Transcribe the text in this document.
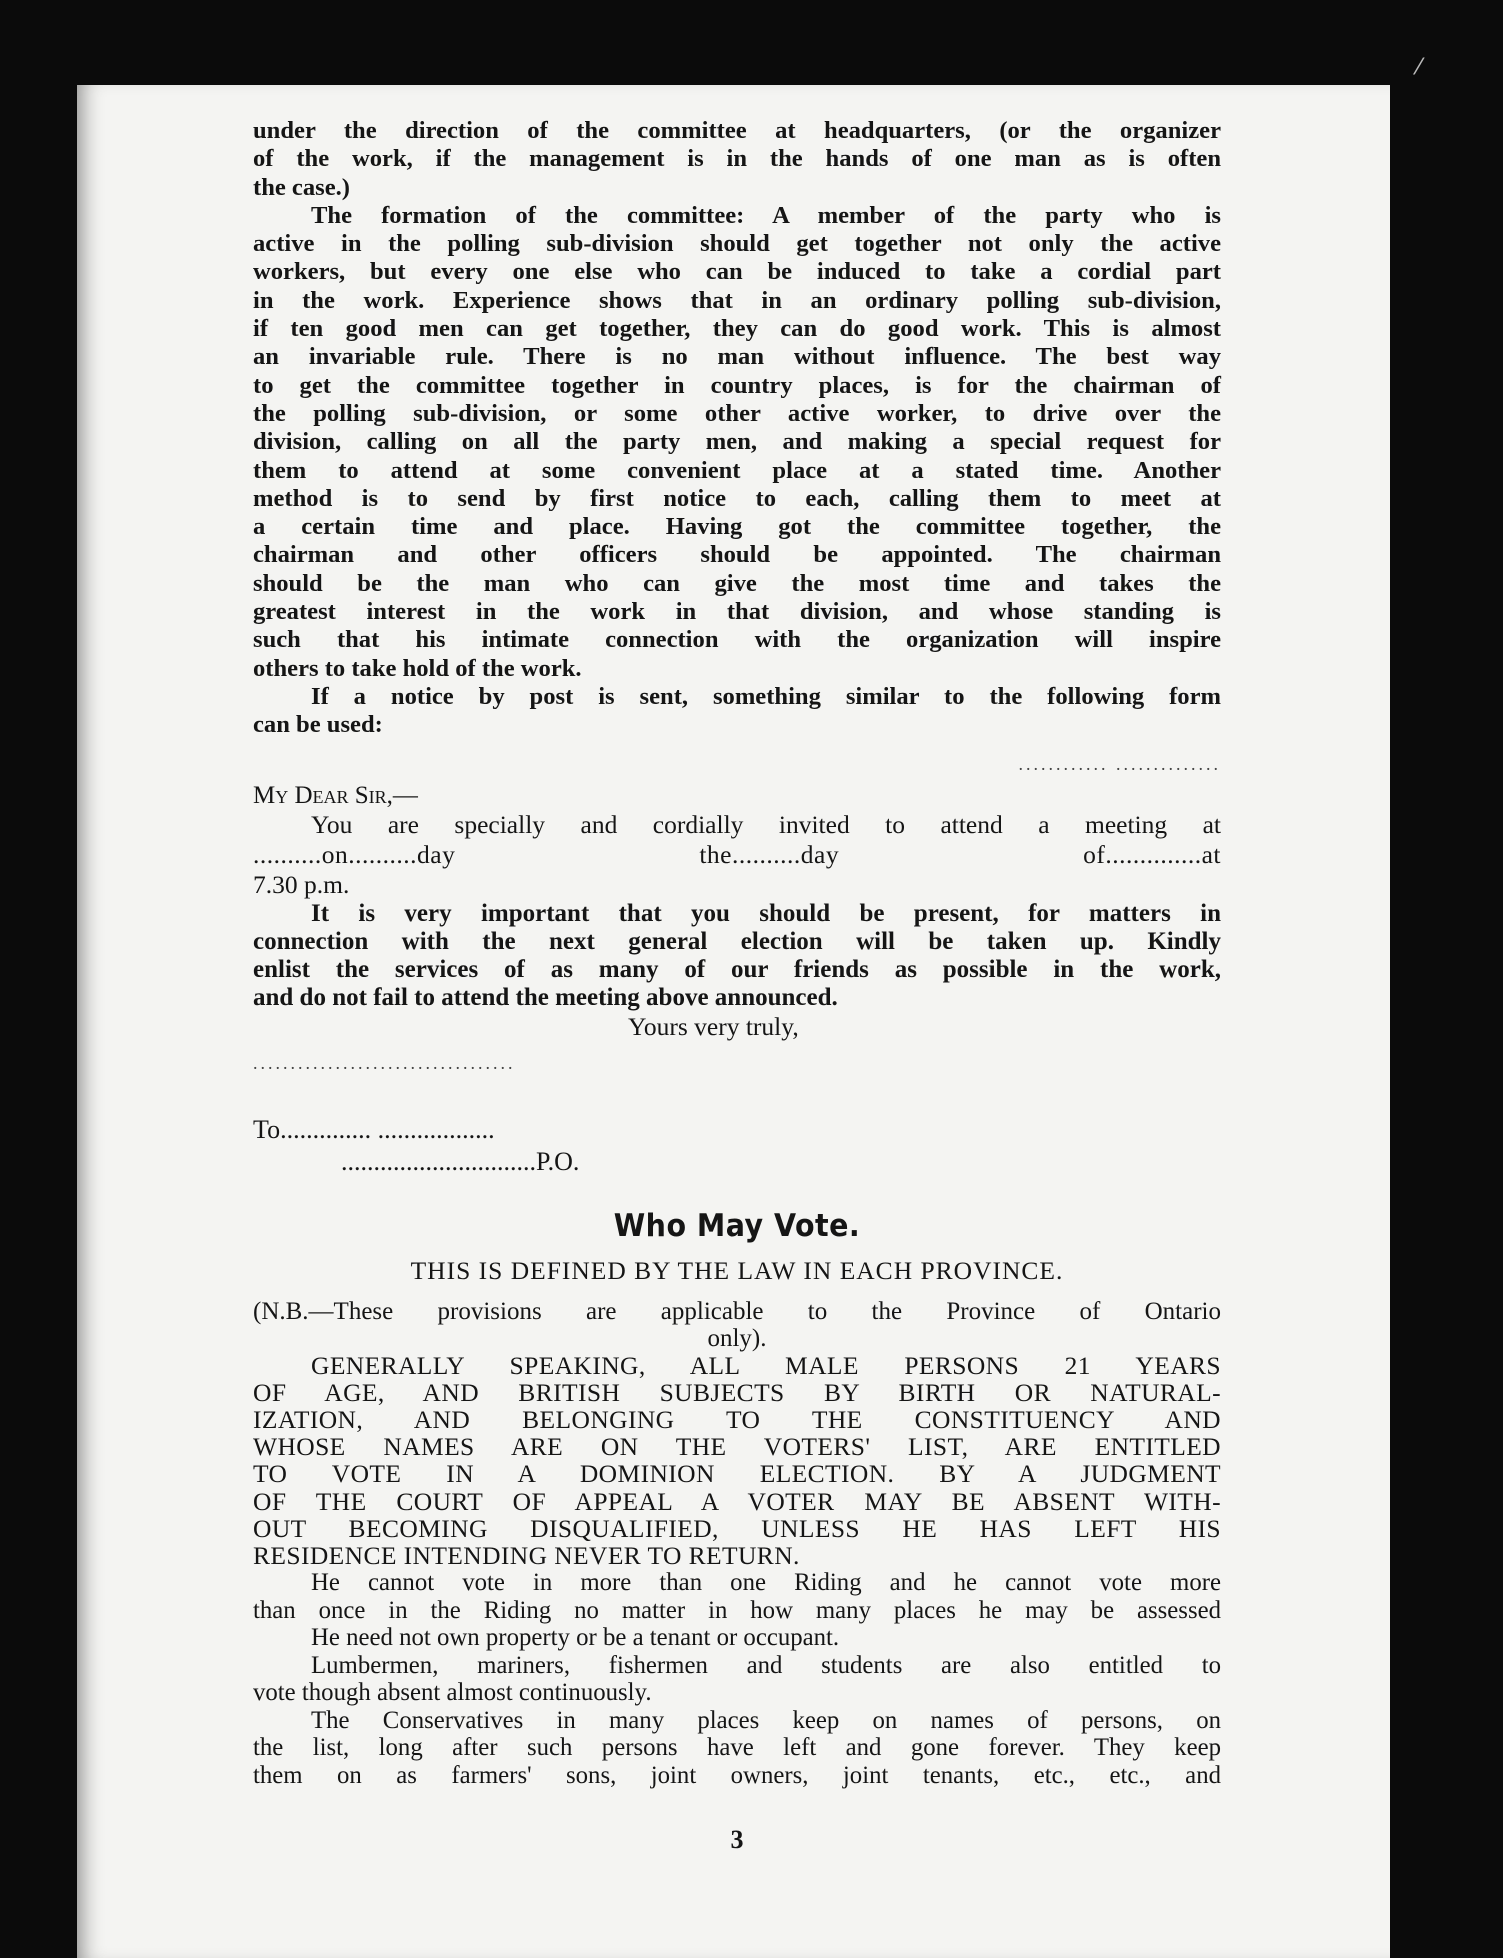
⁄

under the direction of the committee at headquarters, (or the organizer
of the work, if the management is in the hands of one man as is often
the case.)

The formation of the committee: A member of the party who is
active in the polling sub-division should get together not only the active
workers, but every one else who can be induced to take a cordial part
in the work. Experience shows that in an ordinary polling sub-division,
if ten good men can get together, they can do good work. This is almost
an invariable rule. There is no man without influence. The best way
to get the committee together in country places, is for the chairman of
the polling sub-division, or some other active worker, to drive over the
division, calling on all the party men, and making a special request for
them to attend at some convenient place at a stated time. Another
method is to send by first notice to each, calling them to meet at
a certain time and place. Having got the committee together, the
chairman and other officers should be appointed. The chairman
should be the man who can give the most time and takes the
greatest interest in the work in that division, and whose standing is
such that his intimate connection with the organization will inspire
others to take hold of the work.

If a notice by post is sent, something similar to the following form
can be used:

............ ..............

My Dear Sir,—

You are specially and cordially invited to attend a meeting at

..........on..........day the..........day of..............at

7.30 p.m.

It is very important that you should be present, for matters in
connection with the next general election will be taken up. Kindly
enlist the services of as many of our friends as possible in the work,
and do not fail to attend the meeting above announced.

Yours very truly,

...................................

To.............. ..................

..............................P.O.

Who May Vote.
THIS IS DEFINED BY THE LAW IN EACH PROVINCE.

(N.B.—These provisions are applicable to the Province of Ontario
only).

GENERALLY SPEAKING, ALL MALE PERSONS 21 YEARS
OF AGE, AND BRITISH SUBJECTS BY BIRTH OR NATURAL-
IZATION, AND BELONGING TO THE CONSTITUENCY AND
WHOSE NAMES ARE ON THE VOTERS' LIST, ARE ENTITLED
TO VOTE IN A DOMINION ELECTION. BY A JUDGMENT
OF THE COURT OF APPEAL A VOTER MAY BE ABSENT WITH-
OUT BECOMING DISQUALIFIED, UNLESS HE HAS LEFT HIS
RESIDENCE INTENDING NEVER TO RETURN.

He cannot vote in more than one Riding and he cannot vote more
than once in the Riding no matter in how many places he may be assessed

He need not own property or be a tenant or occupant.

Lumbermen, mariners, fishermen and students are also entitled to
vote though absent almost continuously.

The Conservatives in many places keep on names of persons, on
the list, long after such persons have left and gone forever. They keep
them on as farmers' sons, joint owners, joint tenants, etc., etc., and

3
